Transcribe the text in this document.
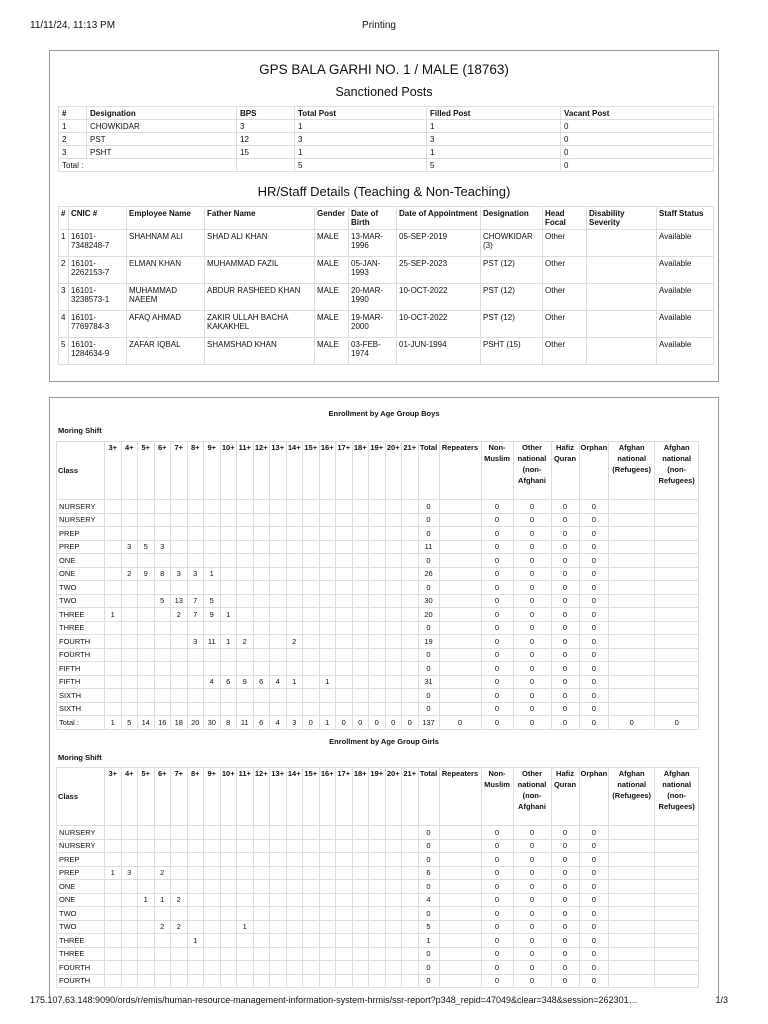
11/11/24, 11:13 PM	Printing
GPS BALA GARHI NO. 1 / MALE (18763)
Sanctioned Posts
#	Designation	BPS	Total Post	Filled Post	Vacant Post
1	CHOWKIDAR	3	1	1	0
2	PST	12	3	3	0
3	PSHT	15	1	1	0
Total :			5	5	0
HR/Staff Details (Teaching & Non-Teaching)
#	CNIC #	Employee Name	Father Name	Gender	Date of Birth	Date of Appointment	Designation	Head Focal	Disability Severity	Staff Status
1	16101-7348248-7	SHAHNAM ALI	SHAD ALI KHAN	MALE	13-MAR-1996	05-SEP-2019	CHOWKIDAR (3)	Other		Available
2	16101-2262153-7	ELMAN KHAN	MUHAMMAD FAZIL	MALE	05-JAN-1993	25-SEP-2023	PST (12)	Other		Available
3	16101-3238573-1	MUHAMMAD NAEEM	ABDUR RASHEED KHAN	MALE	20-MAR-1990	10-OCT-2022	PST (12)	Other		Available
4	16101-7769784-3	AFAQ AHMAD	ZAKIR ULLAH BACHA KAKAKHEL	MALE	19-MAR-2000	10-OCT-2022	PST (12)	Other		Available
5	16101-1284634-9	ZAFAR IQBAL	SHAMSHAD KHAN	MALE	03-FEB-1974	01-JUN-1994	PSHT (15)	Other		Available
Enrollment by Age Group Boys
Moring Shift
Class	3+	4+	5+	6+	7+	8+	9+	10+	11+	12+	13+	14+	15+	16+	17+	18+	19+	20+	21+	Total	Repeaters	Non-Muslim	Other national (non-Afghani	Hafiz Quran	Orphan	Afghan national (Refugees)	Afghan national (non-Refugees)
NURSERY																				0		0	0	0	0		
NURSERY																				0		0	0	0	0		
PREP																				0		0	0	0	0		
PREP		3	5	3																11		0	0	0	0		
ONE																				0		0	0	0	0		
ONE		2	9	8	3	3	1													26		0	0	0	0		
TWO																				0		0	0	0	0		
TWO				5	13	7	5													30		0	0	0	0		
THREE	1				2	7	9	1												20		0	0	0	0		
THREE																				0		0	0	0	0		
FOURTH						3	11	1	2			2								19		0	0	0	0		
FOURTH																				0		0	0	0	0		
FIFTH																				0		0	0	0	0		
FIFTH							4	6	9	6	4	1		1						31		0	0	0	0		
SIXTH																				0		0	0	0	0		
SIXTH																				0		0	0	0	0		
Total :	1	5	14	16	18	20	30	8	11	6	4	3	0	1	0	0	0	0	0	137	0	0	0	0	0	0	0
Enrollment by Age Group Girls
Moring Shift
Class	3+	4+	5+	6+	7+	8+	9+	10+	11+	12+	13+	14+	15+	16+	17+	18+	19+	20+	21+	Total	Repeaters	Non-Muslim	Other national (non-Afghani	Hafiz Quran	Orphan	Afghan national (Refugees)	Afghan national (non-Refugees)
NURSERY																				0		0	0	0	0		
NURSERY																				0		0	0	0	0		
PREP																				0		0	0	0	0		
PREP	1	3		2																6		0	0	0	0		
ONE																				0		0	0	0	0		
ONE			1	1	2															4		0	0	0	0		
TWO																				0		0	0	0	0		
TWO				2	2				1											5		0	0	0	0		
THREE						1														1		0	0	0	0		
THREE																				0		0	0	0	0		
FOURTH																				0		0	0	0	0		
FOURTH																				0		0	0	0	0		
175.107.63.148:9090/ords/r/emis/human-resource-management-information-system-hrmis/ssr-report?p348_repid=47049&clear=348&session=262301…	1/3
